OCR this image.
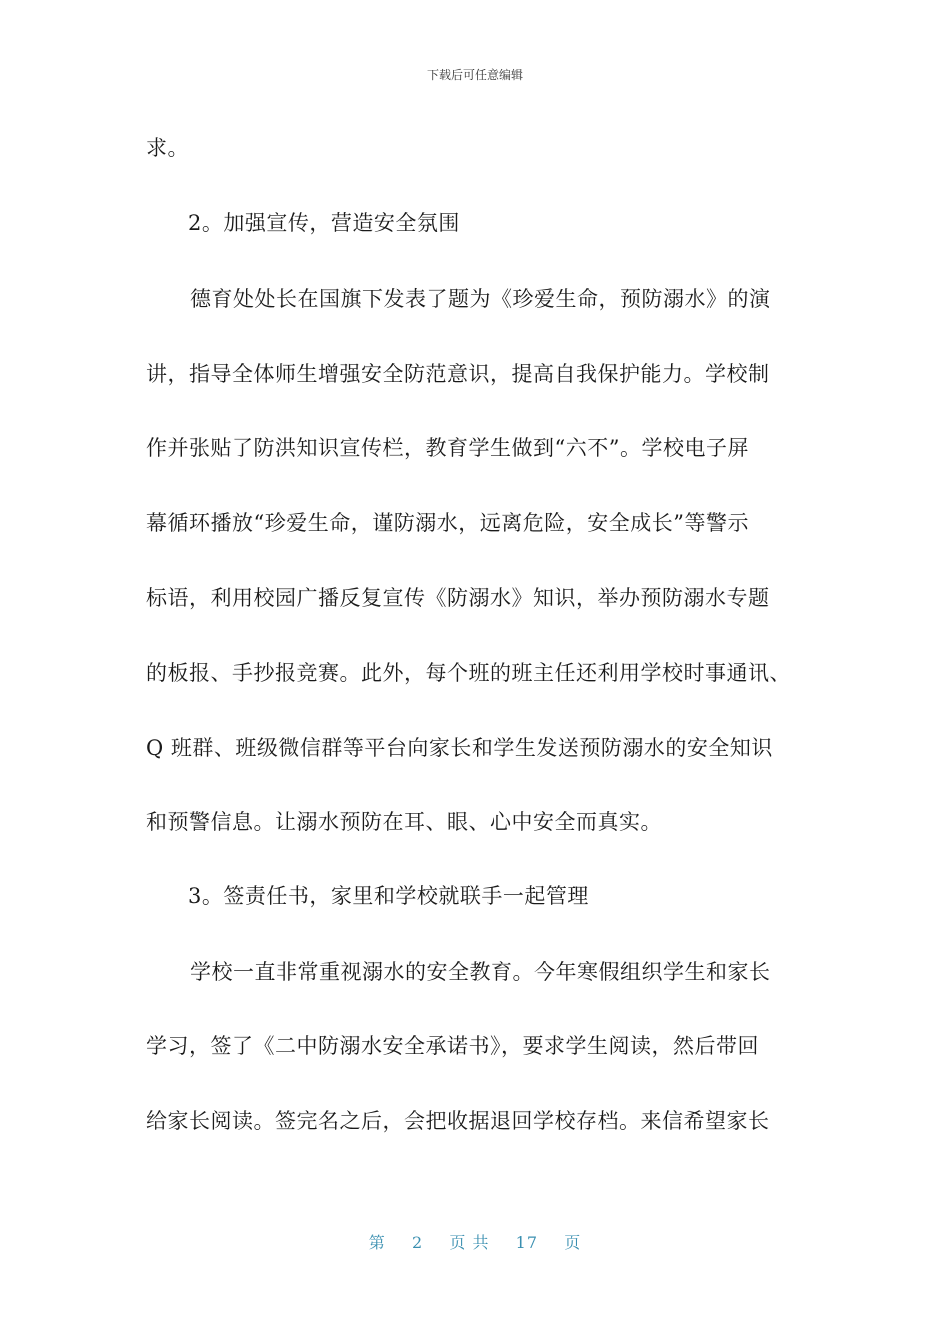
下载后可任意编辑
求。
2。加强宣传，营造安全氛围
德育处处长在国旗下发表了题为《珍爱生命，预防溺水》的演
讲，指导全体师生增强安全防范意识，提高自我保护能力。学校制
作并张贴了防洪知识宣传栏，教育学生做到“六不”。学校电子屏
幕循环播放“珍爱生命，谨防溺水，远离危险，安全成长”等警示
标语，利用校园广播反复宣传《防溺水》知识，举办预防溺水专题
的板报、手抄报竞赛。此外，每个班的班主任还利用学校时事通讯、
Q 班群、班级微信群等平台向家长和学生发送预防溺水的安全知识
和预警信息。让溺水预防在耳、眼、心中安全而真实。
3。签责任书，家里和学校就联手一起管理
学校一直非常重视溺水的安全教育。今年寒假组织学生和家长
学习，签了《二中防溺水安全承诺书》，要求学生阅读，然后带回
给家长阅读。签完名之后，会把收据退回学校存档。来信希望家长
第 2 页 共 17 页
